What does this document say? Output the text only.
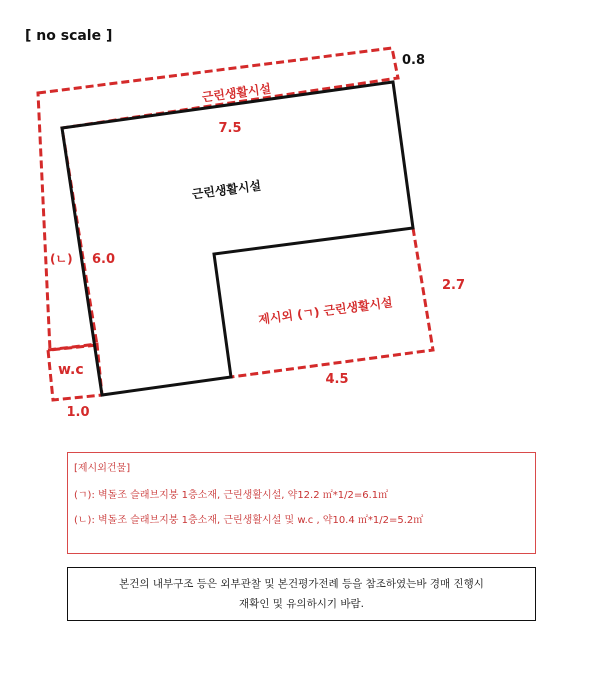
[ no scale ]
근린생활시설
0.8
7.5
근린생활시설
(ㄴ) 6.0
제시외 (ㄱ) 근린생활시설
2.7
w.c
4.5
1.0
[제시외건물]
(ㄱ): 벽돌조 슬래브지붕 1층소재, 근린생활시설, 약12.2 ㎡*1/2=6.1㎡
(ㄴ): 벽돌조 슬래브지붕 1층소재, 근린생활시설 및 w.c , 약10.4 ㎡*1/2=5.2㎡
본건의 내부구조 등은 외부관찰 및 본건평가전례 등을 참조하였는바 경매 진행시
재확인 및 유의하시기 바람.
